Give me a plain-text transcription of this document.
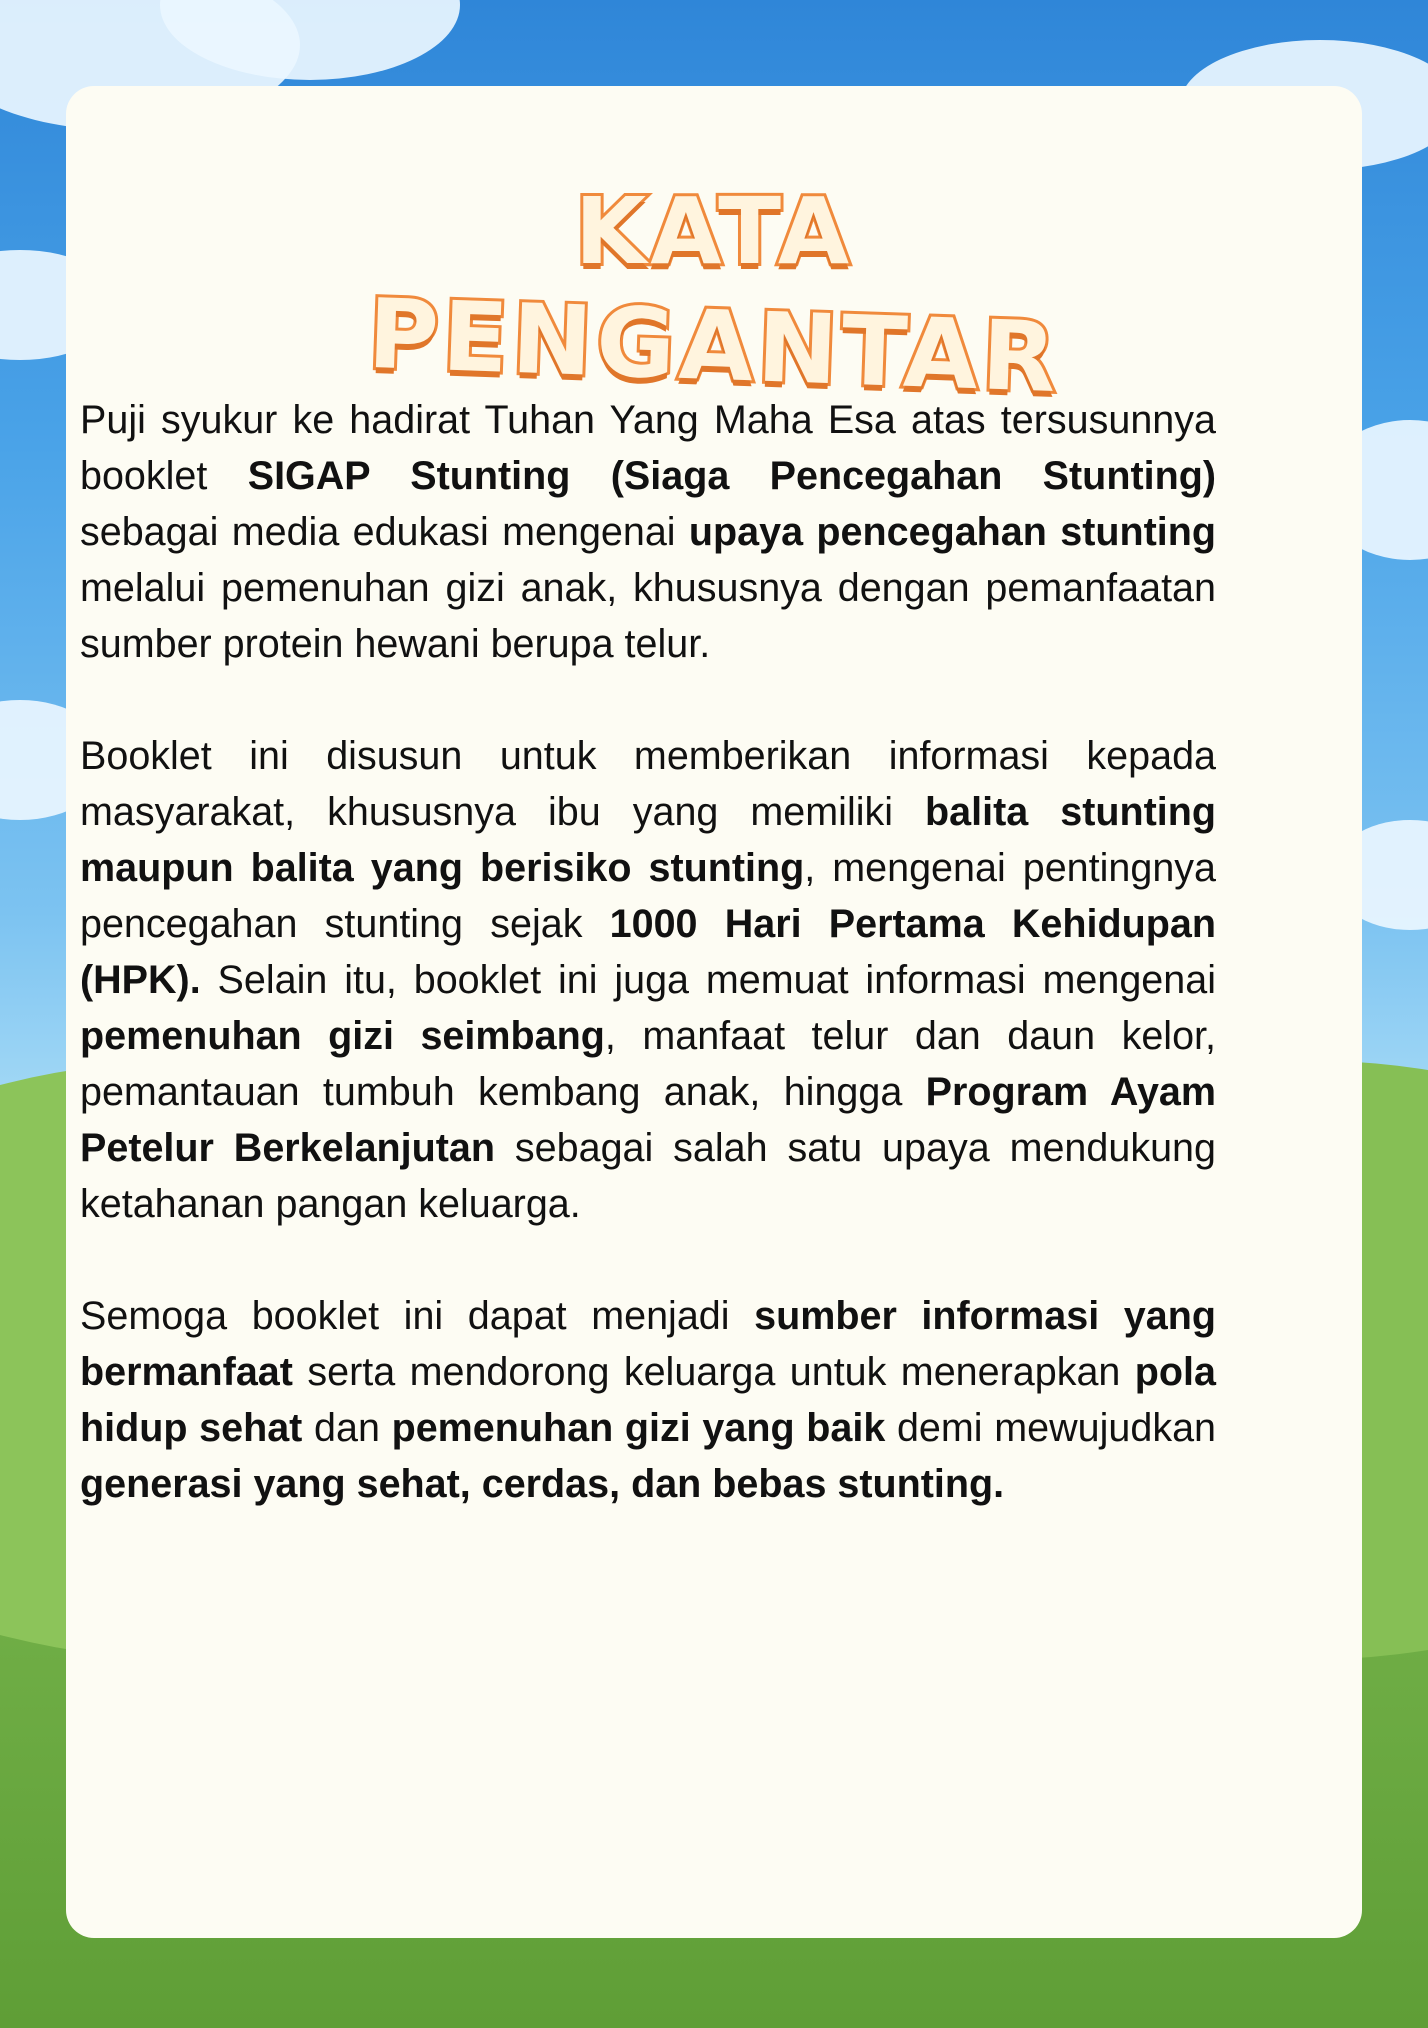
KATA
PENGANTAR

Puji syukur ke hadirat Tuhan Yang Maha Esa atas tersusunnya booklet SIGAP Stunting (Siaga Pencegahan Stunting) sebagai media edukasi mengenai upaya pencegahan stunting melalui pemenuhan gizi anak, khususnya dengan pemanfaatan sumber protein hewani berupa telur.

Booklet ini disusun untuk memberikan informasi kepada masyarakat, khususnya ibu yang memiliki balita stunting maupun balita yang berisiko stunting, mengenai pentingnya pencegahan stunting sejak 1000 Hari Pertama Kehidupan (HPK). Selain itu, booklet ini juga memuat informasi mengenai pemenuhan gizi seimbang, manfaat telur dan daun kelor, pemantauan tumbuh kembang anak, hingga Program Ayam Petelur Berkelanjutan sebagai salah satu upaya mendukung ketahanan pangan keluarga.

Semoga booklet ini dapat menjadi sumber informasi yang bermanfaat serta mendorong keluarga untuk menerapkan pola hidup sehat dan pemenuhan gizi yang baik demi mewujudkan generasi yang sehat, cerdas, dan bebas stunting.
